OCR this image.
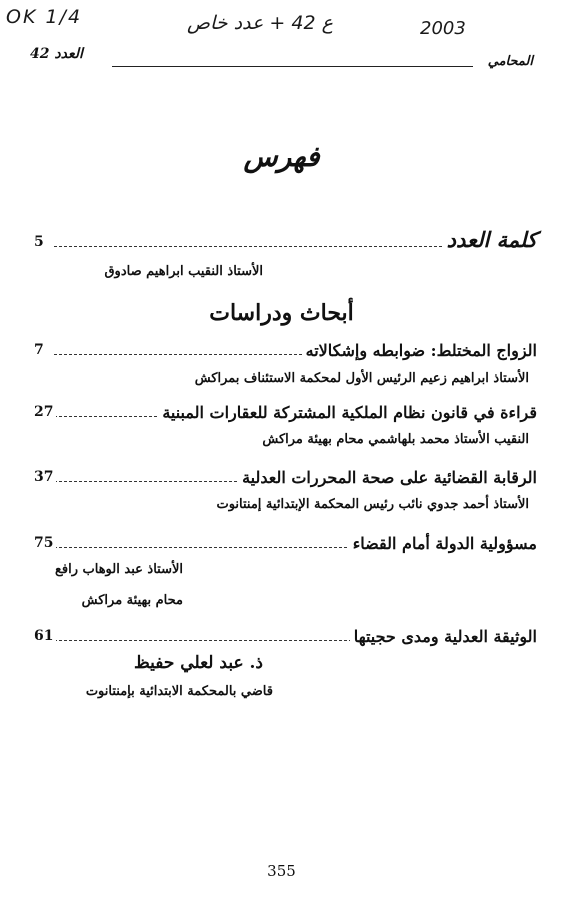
OK 1/4	ع 42 + عدد خاص	2003
المحامي
العدد 42
فهرس
5	كلمة العدد
الأستاذ النقيب ابراهيم صادوق
أبحاث ودراسات
7	الزواج المختلط: ضوابطه وإشكالاته
الأستاذ ابراهيم زعيم الرئيس الأول لمحكمة الاستئناف بمراكش
27	قراءة في قانون نظام الملكية المشتركة للعقارات المبنية
النقيب الأستاذ محمد بلهاشمي محام بهيئة مراكش
37	الرقابة القضائية على صحة المحررات العدلية
الأستاذ أحمد جدوي نائب رئيس المحكمة الإبتدائية إمنتانوت
75	مسؤولية الدولة أمام القضاء
الأستاذ عبد الوهاب رافع
محام بهيئة مراكش
61	الوثيقة العدلية ومدى حجيتها
ذ. عبد لعلي حفيظ
قاضي بالمحكمة الابتدائية بإمنتانوت
355
